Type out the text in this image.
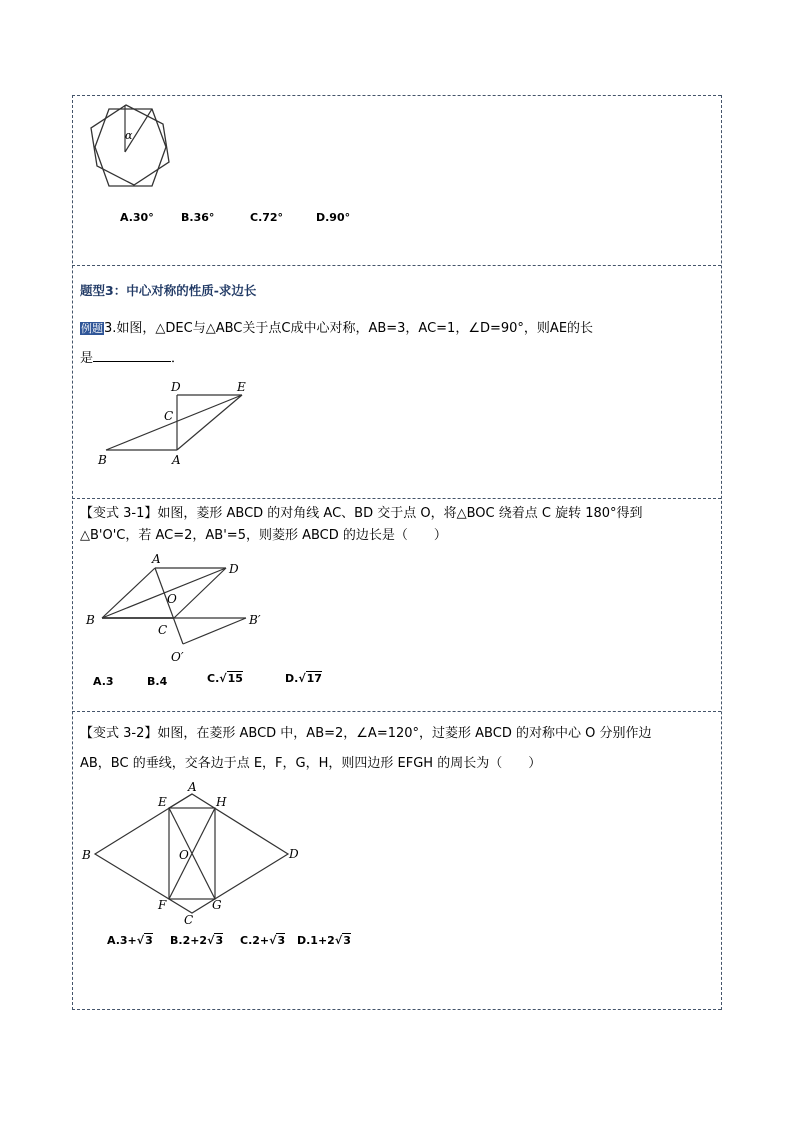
α
A.30° B.36°	C.72°	D.90°
题型3：中心对称的性质-求边长
例题3.如图，△DEC与△ABC关于点C成中心对称，AB=3，AC=1，∠D=90°，则AE的长
是	．
D	E
C
B	A
【变式 3-1】如图，菱形 ABCD 的对角线 AC、BD 交于点 O，将△BOC 绕着点 C 旋转 180°得到
△B'O'C，若 AC=2，AB'=5，则菱形 ABCD 的边长是（　　）
A
D
O
B
C
B′
O′
A.3	B.4	C.√15	D.√17
【变式 3-2】如图，在菱形 ABCD 中，AB=2，∠A=120°，过菱形 ABCD 的对称中心 O 分别作边
AB，BC 的垂线，交各边于点 E，F，G，H，则四边形 EFGH 的周长为（　　）
A
E	H
B	O	D
F
C
G
A.3+√3 B.2+2√3 C.2+√3 D.1+2√3
